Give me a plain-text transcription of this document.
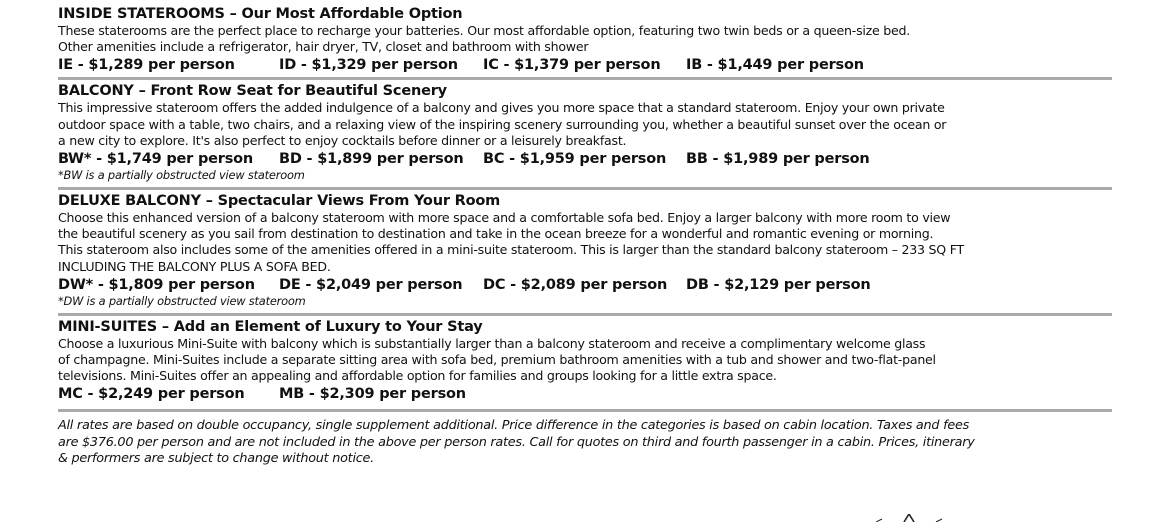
INSIDE STATEROOMS – Our Most Affordable Option

These staterooms are the perfect place to recharge your batteries. Our most affordable option, featuring two twin beds or a queen-size bed.
Other amenities include a refrigerator, hair dryer, TV, closet and bathroom with shower
IE - $1,289 per person	ID - $1,329 per person	IC - $1,379 per person	IB - $1,449 per person

BALCONY – Front Row Seat for Beautiful Scenery

This impressive stateroom offers the added indulgence of a balcony and gives you more space that a standard stateroom. Enjoy your own private
outdoor space with a table, two chairs, and a relaxing view of the inspiring scenery surrounding you, whether a beautiful sunset over the ocean or
a new city to explore. It's also perfect to enjoy cocktails before dinner or a leisurely breakfast.
BW* - $1,749 per person	BD - $1,899 per person	BC - $1,959 per person	BB - $1,989 per person

*BW is a partially obstructed view stateroom

DELUXE BALCONY – Spectacular Views From Your Room

Choose this enhanced version of a balcony stateroom with more space and a comfortable sofa bed. Enjoy a larger balcony with more room to view
the beautiful scenery as you sail from destination to destination and take in the ocean breeze for a wonderful and romantic evening or morning.
This stateroom also includes some of the amenities offered in a mini-suite stateroom. This is larger than the standard balcony stateroom – 233 SQ FT
INCLUDING THE BALCONY PLUS A SOFA BED.
DW* - $1,809 per person	DE - $2,049 per person	DC - $2,089 per person	DB - $2,129 per person

*DW is a partially obstructed view stateroom

MINI-SUITES – Add an Element of Luxury to Your Stay

Choose a luxurious Mini-Suite with balcony which is substantially larger than a balcony stateroom and receive a complimentary welcome glass
of champagne. Mini-Suites include a separate sitting area with sofa bed, premium bathroom amenities with a tub and shower and two-flat-panel
televisions. Mini-Suites offer an appealing and affordable option for families and groups looking for a little extra space.
MC - $2,249 per person	MB - $2,309 per person
All rates are based on double occupancy, single supplement additional. Price difference in the categories is based on cabin location. Taxes and fees
are $376.00 per person and are not included in the above per person rates. Call for quotes on third and fourth passenger in a cabin. Prices, itinerary
& performers are subject to change without notice.
